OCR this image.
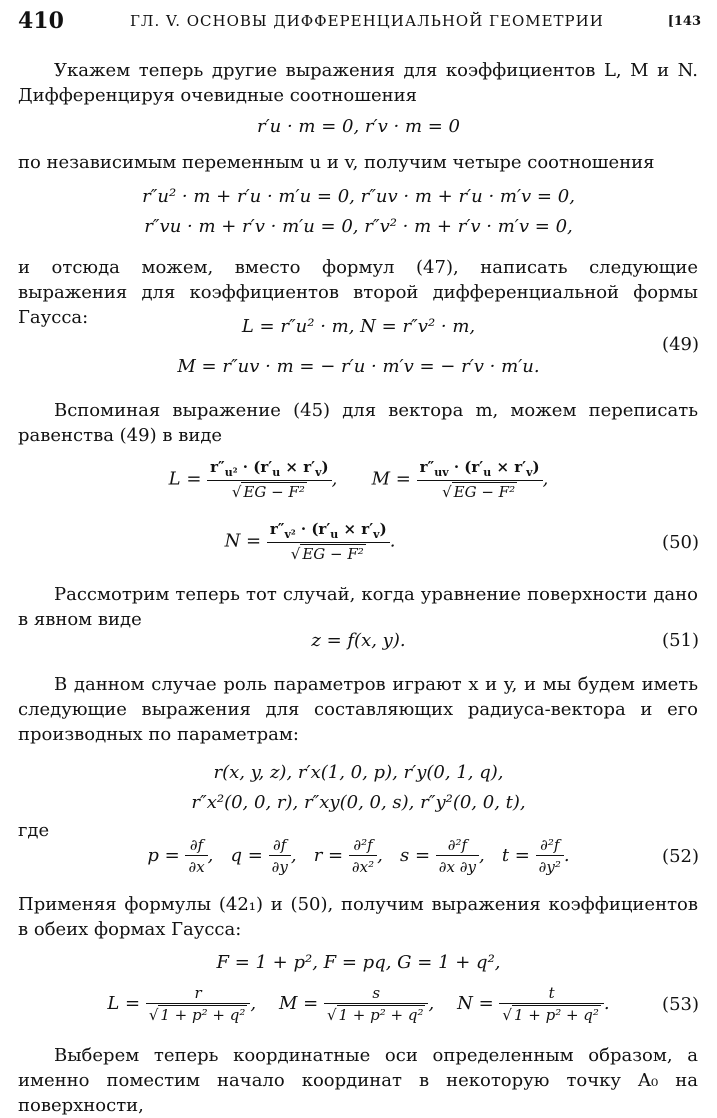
410	ГЛ. V. ОСНОВЫ ДИФФЕРЕНЦИАЛЬНОЙ ГЕОМЕТРИИ	[143
Укажем теперь другие выражения для коэффициентов L, M и N. Дифференцируя очевидные соотношения
r′u · m = 0, r′v · m = 0
по независимым переменным u и v, получим четыре соотношения
r″u² · m + r′u · m′u = 0, r″uv · m + r′u · m′v = 0,
r″vu · m + r′v · m′u = 0, r″v² · m + r′v · m′v = 0,
и отсюда можем, вместо формул (47), написать следующие выражения для коэффициентов второй дифференциальной формы Гаусса:	L = r″u² · m, N = r″v² · m,
M = r″uv · m = − r′u · m′v = − r′v · m′u.
(49)
Вспоминая выражение (45) для вектора m, можем переписать равенства (49) в виде
$L = \frac{r''_{u^2} \cdot (r'_u \times r'_v)}{\text{√ EG − F²}}$ ,      $M = \frac{r''_{uv} \cdot (r'_u \times r'_v)}{\text{√ EG − F²}}$ ,
$N = \frac{r''_{v^2} \cdot (r'_u \times r'_v)}{\text{√ EG − F²}}$ .	(50)
Рассмотрим теперь тот случай, когда уравнение поверхности дано в явном виде
z = f(x, y).	(51)
В данном случае роль параметров играют x и y, и мы будем иметь следующие выражения для составляющих радиуса-вектора и его производных по параметрам:
r(x, y, z), r′x(1, 0, p), r′y(0, 1, q),
r″x²(0, 0, r), r″xy(0, 0, s), r″y²(0, 0, t),
где
$p = \frac{\partial f}{\partial x}$ ,   $q = \frac{\partial f}{\partial y}$ ,   $r = \frac{\text{∂²f}}{\text{∂x²}}$ ,   $s = \frac{\text{∂²f}}{\partial x \partial y}$ ,   $t = \frac{\text{∂²f}}{\text{∂y²}}$ .	(52)
Применяя формулы (42₁) и (50), получим выражения коэффициентов в обеих формах Гаусса:
F = 1 + p², F = pq, G = 1 + q²,
$L = \frac{r}{\text{√ 1 + p² + q²}}$ ,    $M = \frac{s}{\text{√ 1 + p² + q²}}$ ,    $N = \frac{t}{\text{√ 1 + p² + q²}}$ .	(53)
Выберем теперь координатные оси определенным образом, а именно поместим начало координат в некоторую точку A₀ на поверхности,
